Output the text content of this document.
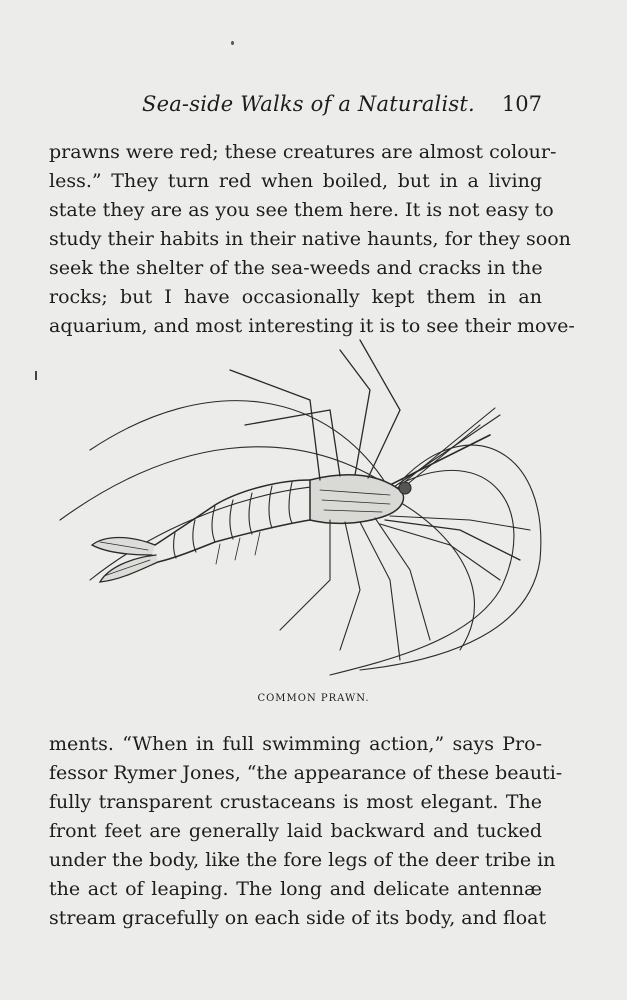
Sea-side Walks of a Naturalist. 107
prawns were red; these creatures are almost colour-
less.” They turn red when boiled, but in a living
state they are as you see them here. It is not easy to
study their habits in their native haunts, for they soon
seek the shelter of the sea-weeds and cracks in the
rocks; but I have occasionally kept them in an
aquarium, and most interesting it is to see their move-
COMMON PRAWN.
ments. “When in full swimming action,” says Pro-
fessor Rymer Jones, “the appearance of these beauti-
fully transparent crustaceans is most elegant. The
front feet are generally laid backward and tucked
under the body, like the fore legs of the deer tribe in
the act of leaping. The long and delicate antennæ
stream gracefully on each side of its body, and float
